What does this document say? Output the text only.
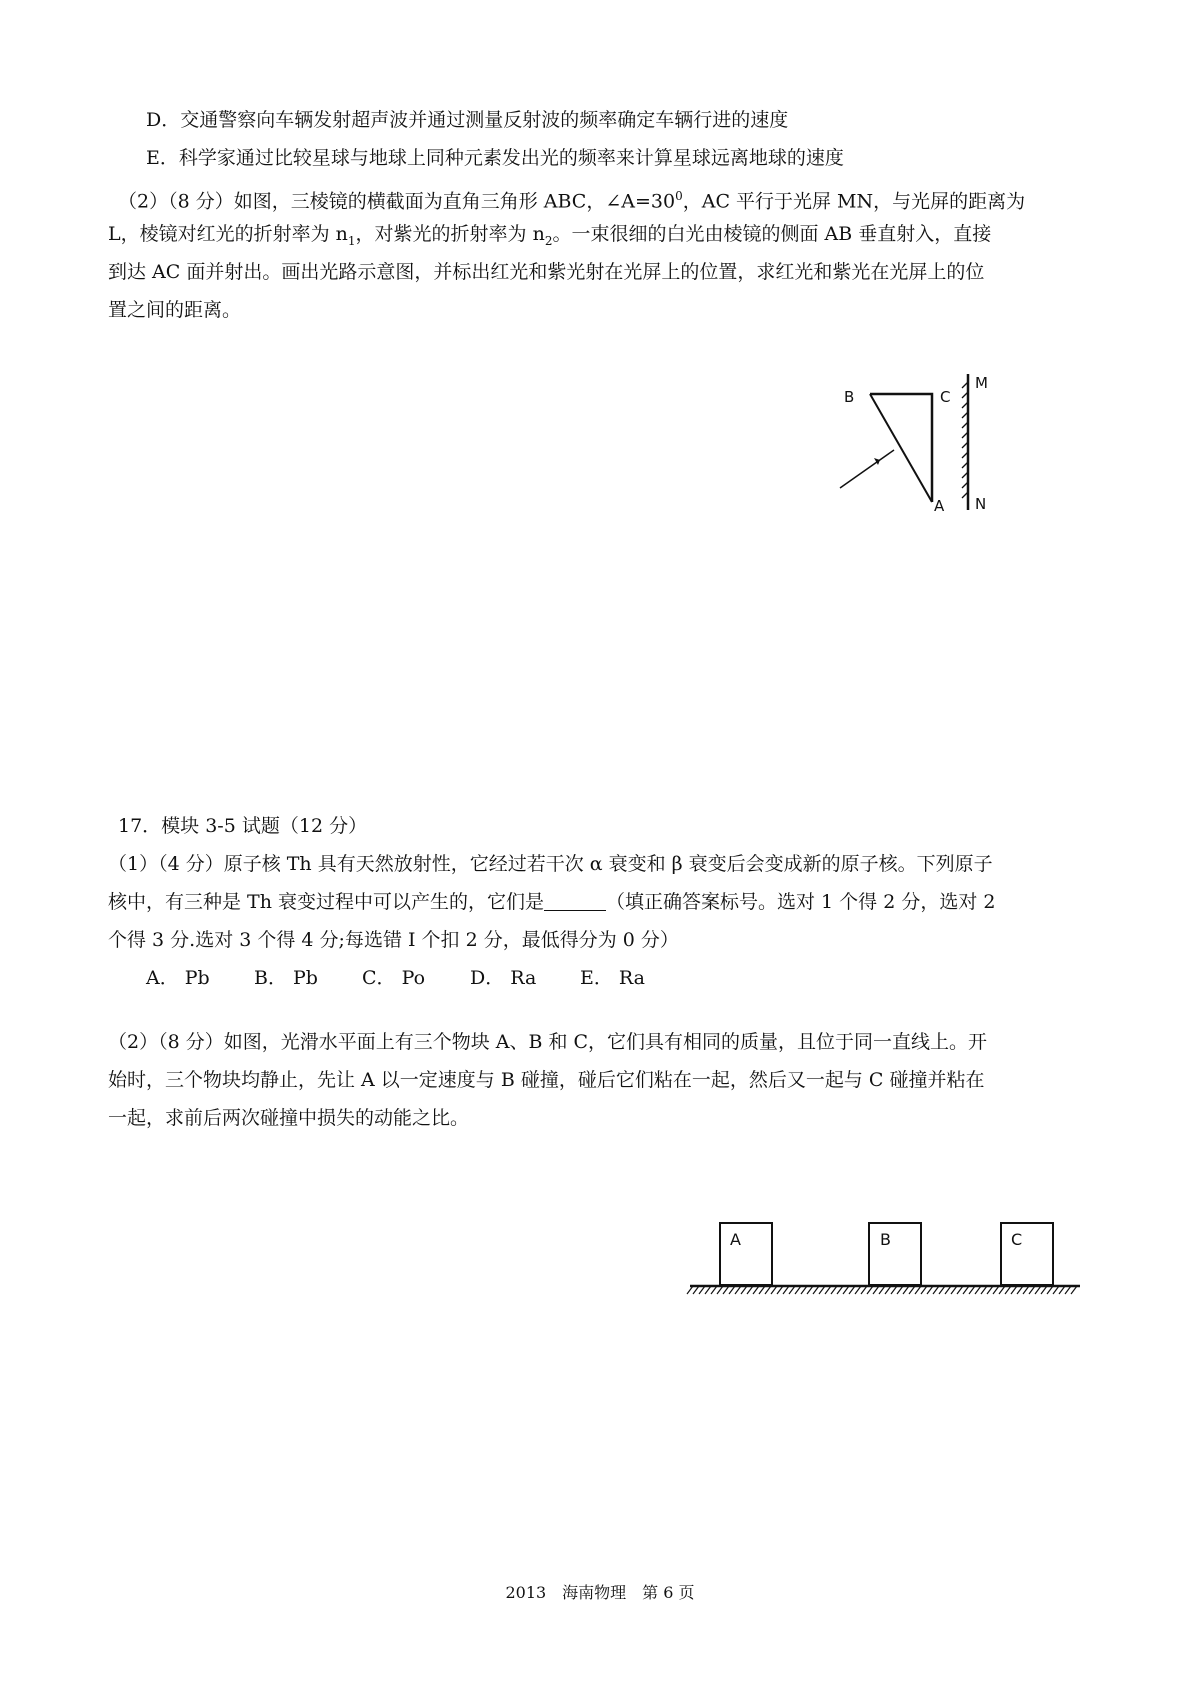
D．交通警察向车辆发射超声波并通过测量反射波的频率确定车辆行进的速度
E．科学家通过比较星球与地球上同种元素发出光的频率来计算星球远离地球的速度
（2）（8 分）如图，三棱镜的横截面为直角三角形 ABC，$\angle A=30^0$，AC 平行于光屏 MN，与光屏的距离为
L，棱镜对红光的折射率为 $n_1$，对紫光的折射率为 $n_2$。一束很细的白光由棱镜的侧面 AB 垂直射入，直接
到达 AC 面并射出。画出光路示意图，并标出红光和紫光射在光屏上的位置，求红光和紫光在光屏上的位
置之间的距离。
B	C
A
M
N
17．模块 3-5 试题（12 分）
（1）（4 分）原子核 Th 具有天然放射性，它经过若干次 α 衰变和 β 衰变后会变成新的原子核。下列原子
核中，有三种是 Th 衰变过程中可以产生的，它们是	（填正确答案标号。选对 1 个得 2 分，选对 2
个得 3 分.选对 3 个得 4 分;每选错 I 个扣 2 分，最低得分为 0 分）
A． Pb B． Pb C． Po D． Ra E． Ra
（2）（8 分）如图，光滑水平面上有三个物块 A、B 和 C，它们具有相同的质量，且位于同一直线上。开
始时，三个物块均静止，先让 A 以一定速度与 B 碰撞，碰后它们粘在一起，然后又一起与 C 碰撞并粘在
一起，求前后两次碰撞中损失的动能之比。
A	B	C
2013　海南物理　第 6 页
